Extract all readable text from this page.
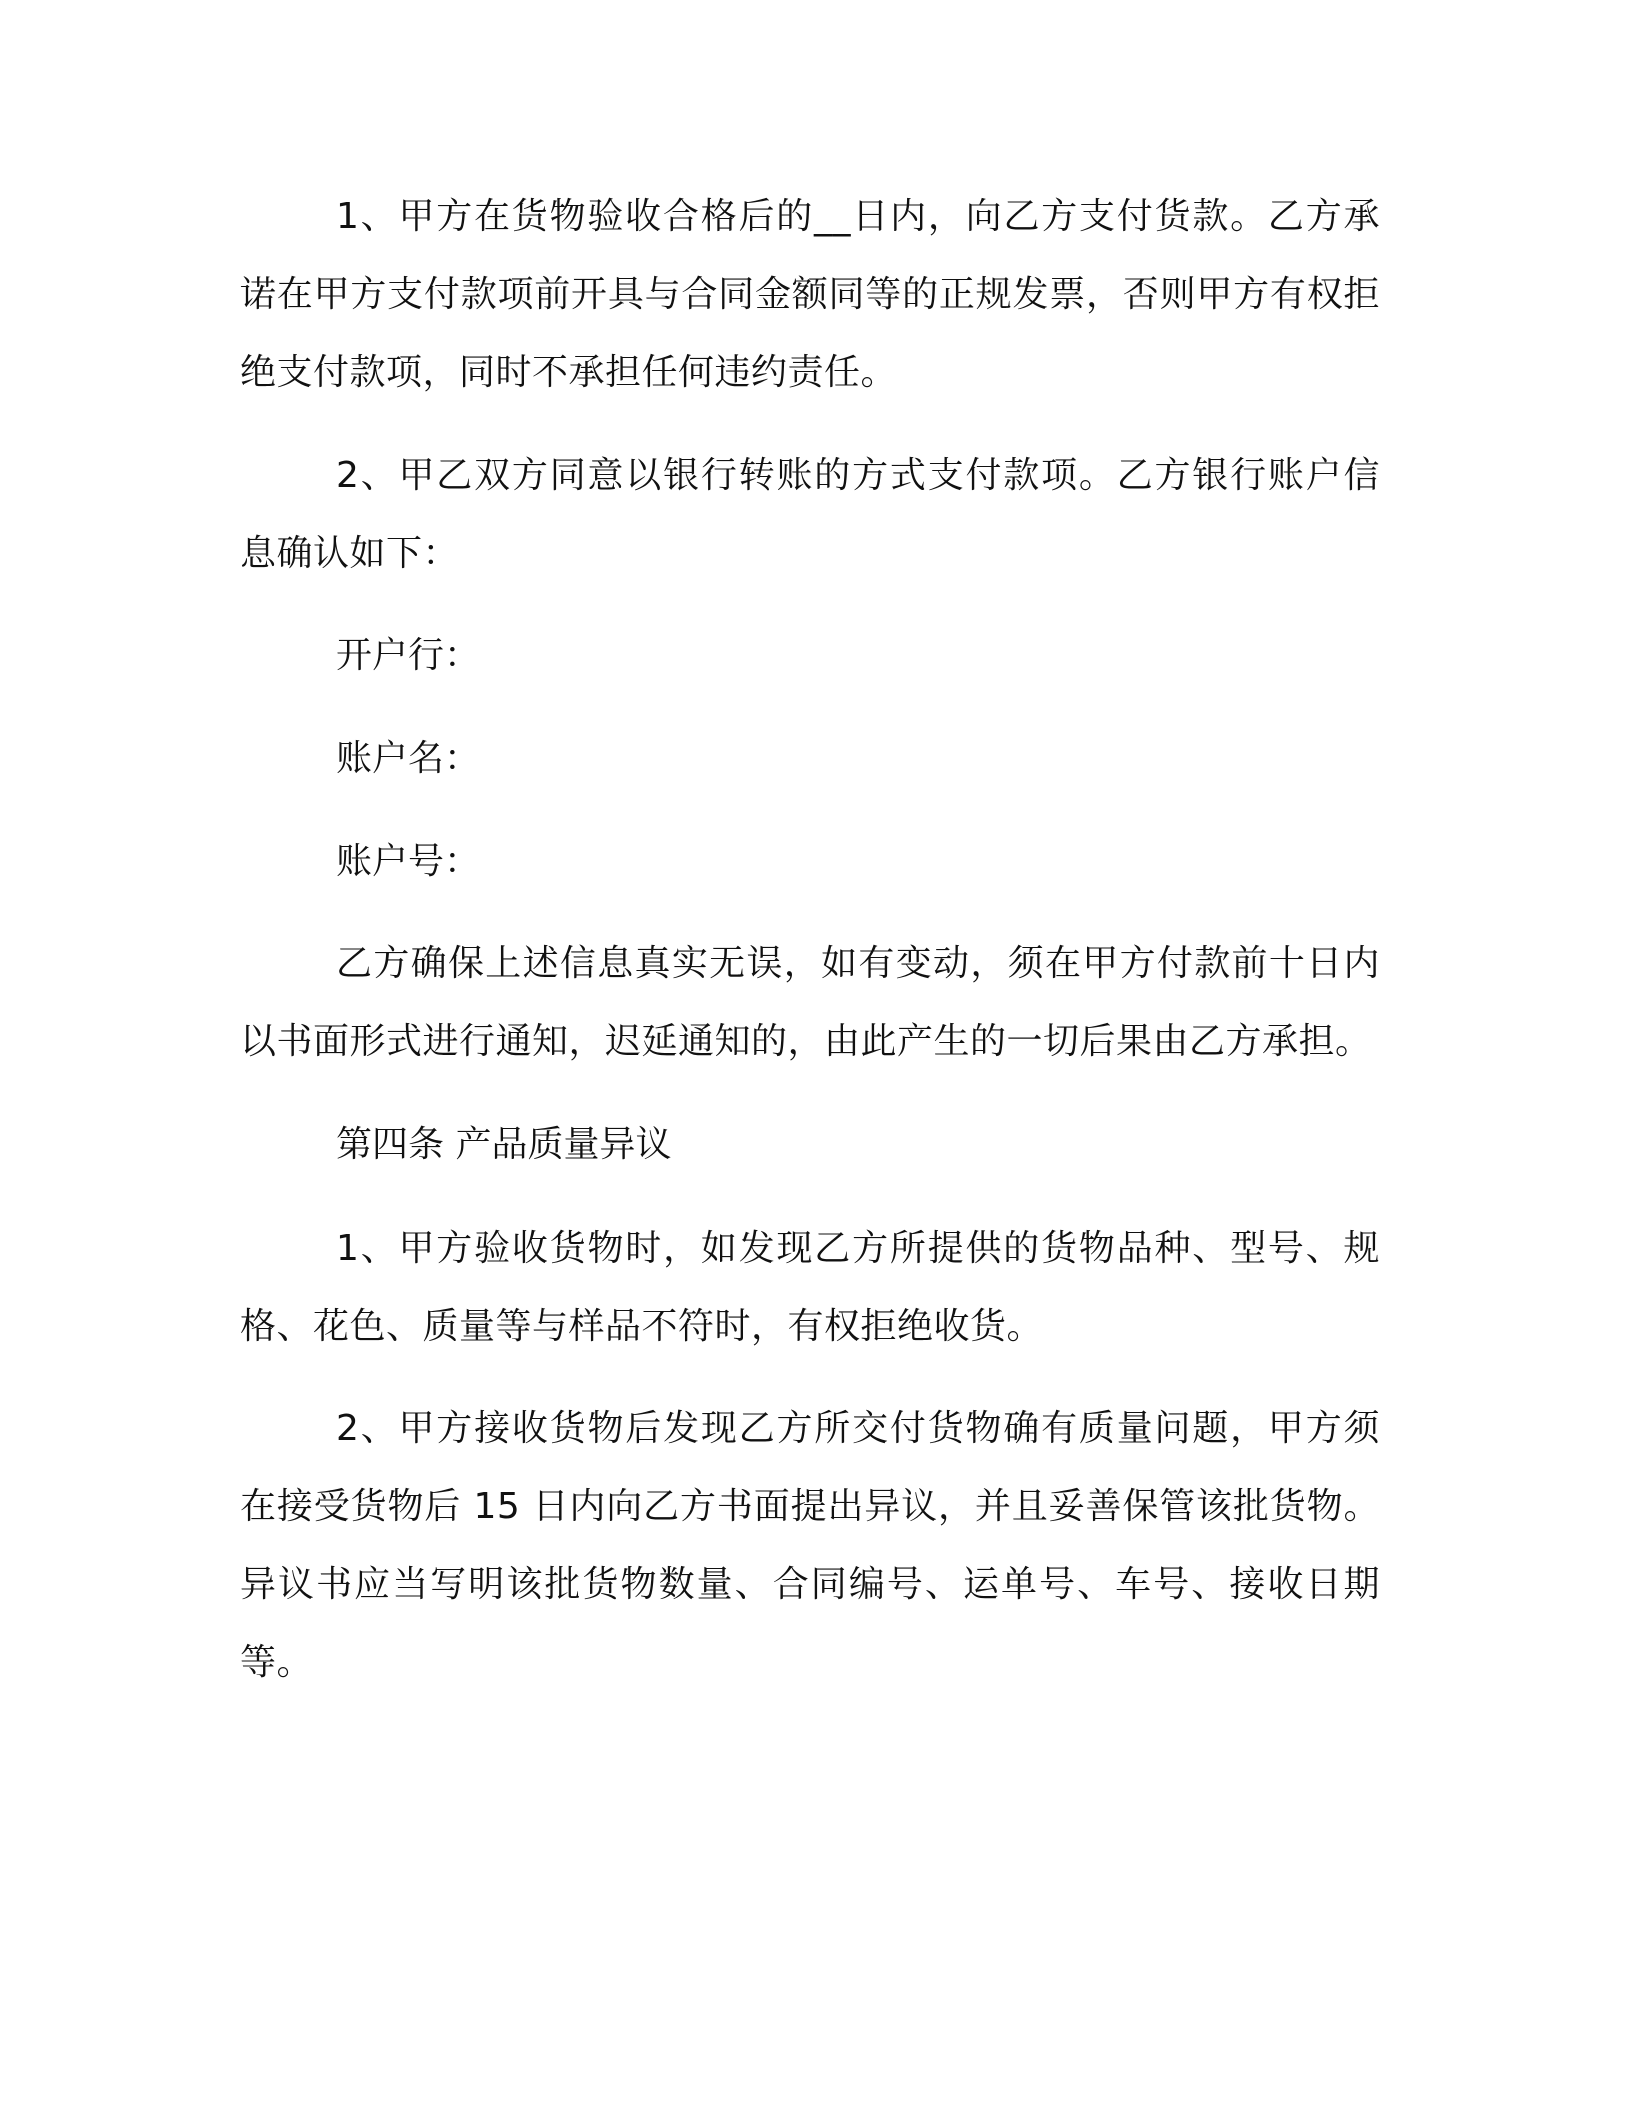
1、甲方在货物验收合格后的__日内，向乙方支付货款。乙方承诺在甲方支付款项前开具与合同金额同等的正规发票，否则甲方有权拒绝支付款项，同时不承担任何违约责任。

2、甲乙双方同意以银行转账的方式支付款项。乙方银行账户信息确认如下：

开户行：

账户名：

账户号：

乙方确保上述信息真实无误，如有变动，须在甲方付款前十日内以书面形式进行通知，迟延通知的，由此产生的一切后果由乙方承担。

第四条 产品质量异议

1、甲方验收货物时，如发现乙方所提供的货物品种、型号、规格、花色、质量等与样品不符时，有权拒绝收货。

2、甲方接收货物后发现乙方所交付货物确有质量问题，甲方须在接受货物后 15 日内向乙方书面提出异议，并且妥善保管该批货物。异议书应当写明该批货物数量、合同编号、运单号、车号、接收日期等。
